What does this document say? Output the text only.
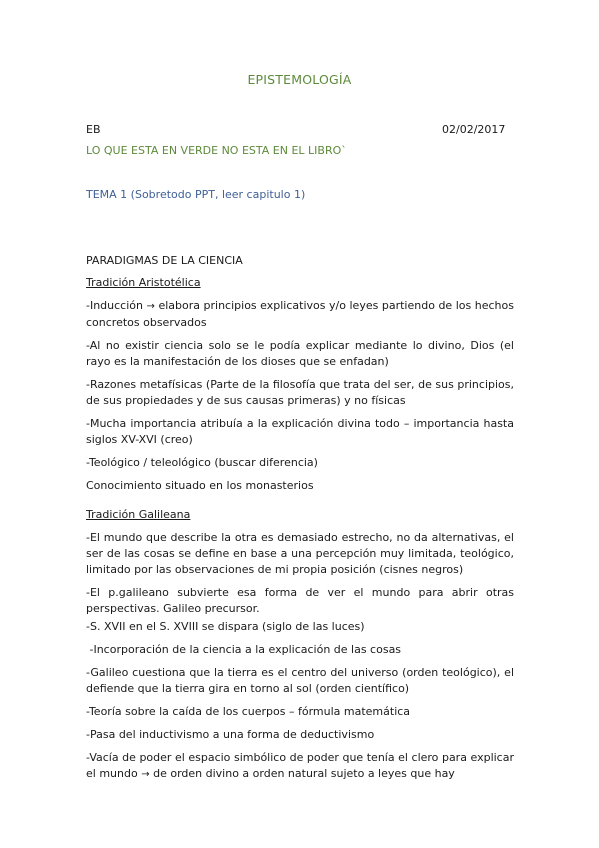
EPISTEMOLOGÍA
EB	02/02/2017
LO QUE ESTA EN VERDE NO ESTA EN EL LIBRO`
TEMA 1 (Sobretodo PPT, leer capitulo 1)

PARADIGMAS DE LA CIENCIA

Tradición Aristotélica

-Inducción → elabora principios explicativos y/o leyes partiendo de los hechos concretos observados

-Al no existir ciencia solo se le podía explicar mediante lo divino, Dios (el rayo es la manifestación de los dioses que se enfadan)

-Razones metafísicas (Parte de la filosofía que trata del ser, de sus principios, de sus propiedades y de sus causas primeras) y no físicas

-Mucha importancia atribuía a la explicación divina todo – importancia hasta siglos XV-XVI (creo)

-Teológico / teleológico (buscar diferencia)

Conocimiento situado en los monasterios

Tradición Galileana

-El mundo que describe la otra es demasiado estrecho, no da alternativas, el ser de las cosas se define en base a una percepción muy limitada, teológico, limitado por las observaciones de mi propia posición (cisnes negros)

-El p.galileano subvierte esa forma de ver el mundo para abrir otras perspectivas. Galileo precursor.

-S. XVII en el S. XVIII se dispara (siglo de las luces)

-Incorporación de la ciencia a la explicación de las cosas

-Galileo cuestiona que la tierra es el centro del universo (orden teológico), el defiende que la tierra gira en torno al sol (orden científico)

-Teoría sobre la caída de los cuerpos – fórmula matemática

-Pasa del inductivismo a una forma de deductivismo

-Vacía de poder el espacio simbólico de poder que tenía el clero para explicar el mundo → de orden divino a orden natural sujeto a leyes que hay
